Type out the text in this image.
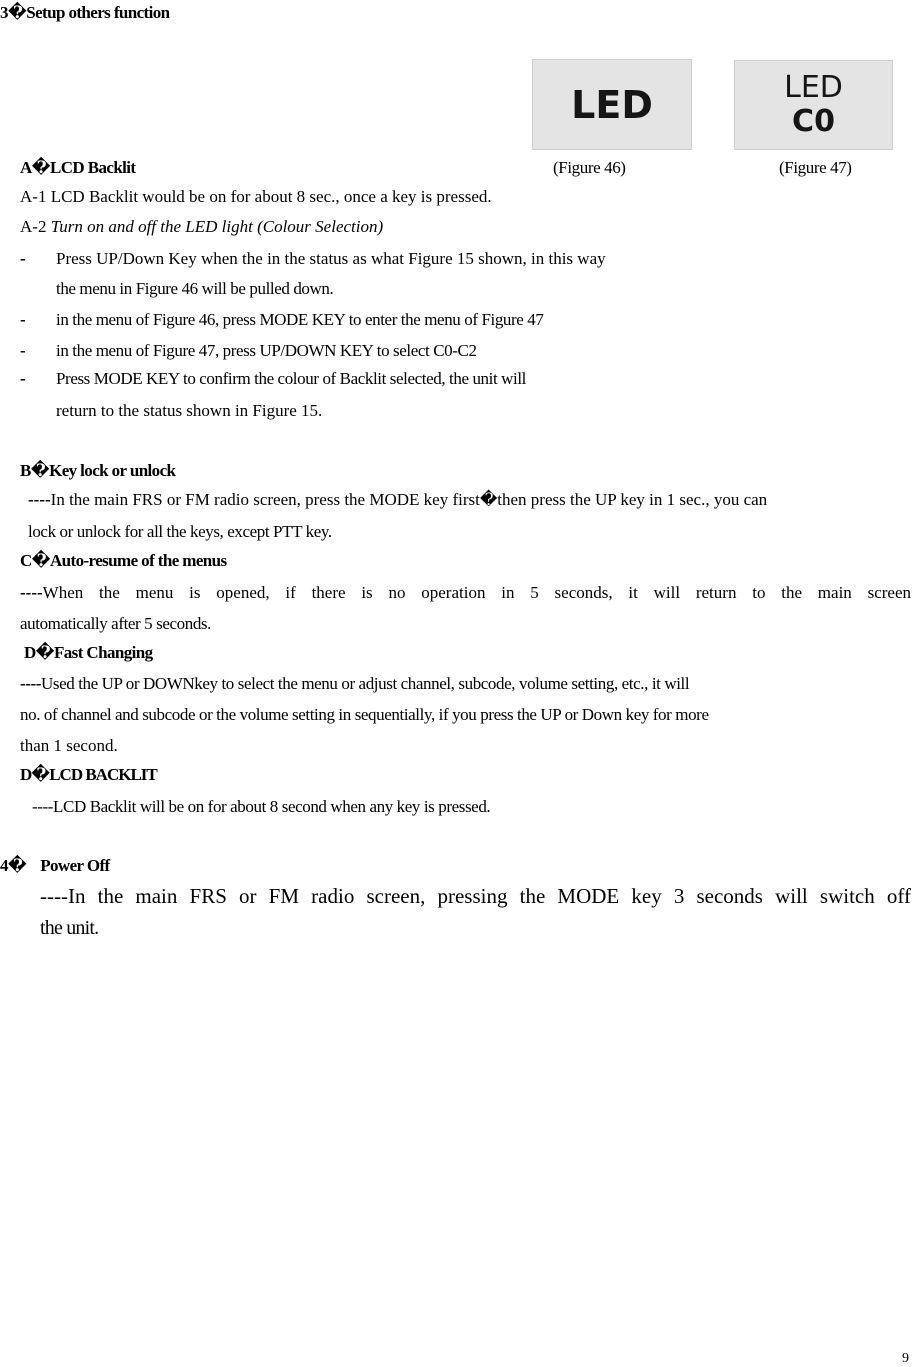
3�Setup others function
LED
(Figure 46)
LED
C0
(Figure 47)
A�LCD Backlit
A-1 LCD Backlit would be on for about 8 sec., once a key is pressed.
A-2 Turn on and off the LED light (Colour Selection)
- Press UP/Down Key when the in the status as what Figure 15 shown, in this way
the menu in Figure 46 will be pulled down.
- in the menu of Figure 46, press MODE KEY to enter the menu of Figure 47
- in the menu of Figure 47, press UP/DOWN KEY to select C0-C2
- Press MODE KEY to confirm the colour of Backlit selected, the unit will
return to the status shown in Figure 15.
B�Key lock or unlock
----In the main FRS or FM radio screen, press the MODE key first�then press the UP key in 1 sec., you can
lock or unlock for all the keys, except PTT key.
C�Auto-resume of the menus
----When the menu is opened, if there is no operation in 5 seconds, it will return to the main screen
automatically after 5 seconds.
D�Fast Changing
----Used the UP or DOWNkey to select the menu or adjust channel, subcode, volume setting, etc., it will
no. of channel and subcode or the volume setting in sequentially, if you press the UP or Down key for more
than 1 second.
D�LCD BACKLIT
----LCD Backlit will be on for about 8 second when any key is pressed.
4� Power Off
----In the main FRS or FM radio screen, pressing the MODE key 3 seconds will switch off
the unit.
9
